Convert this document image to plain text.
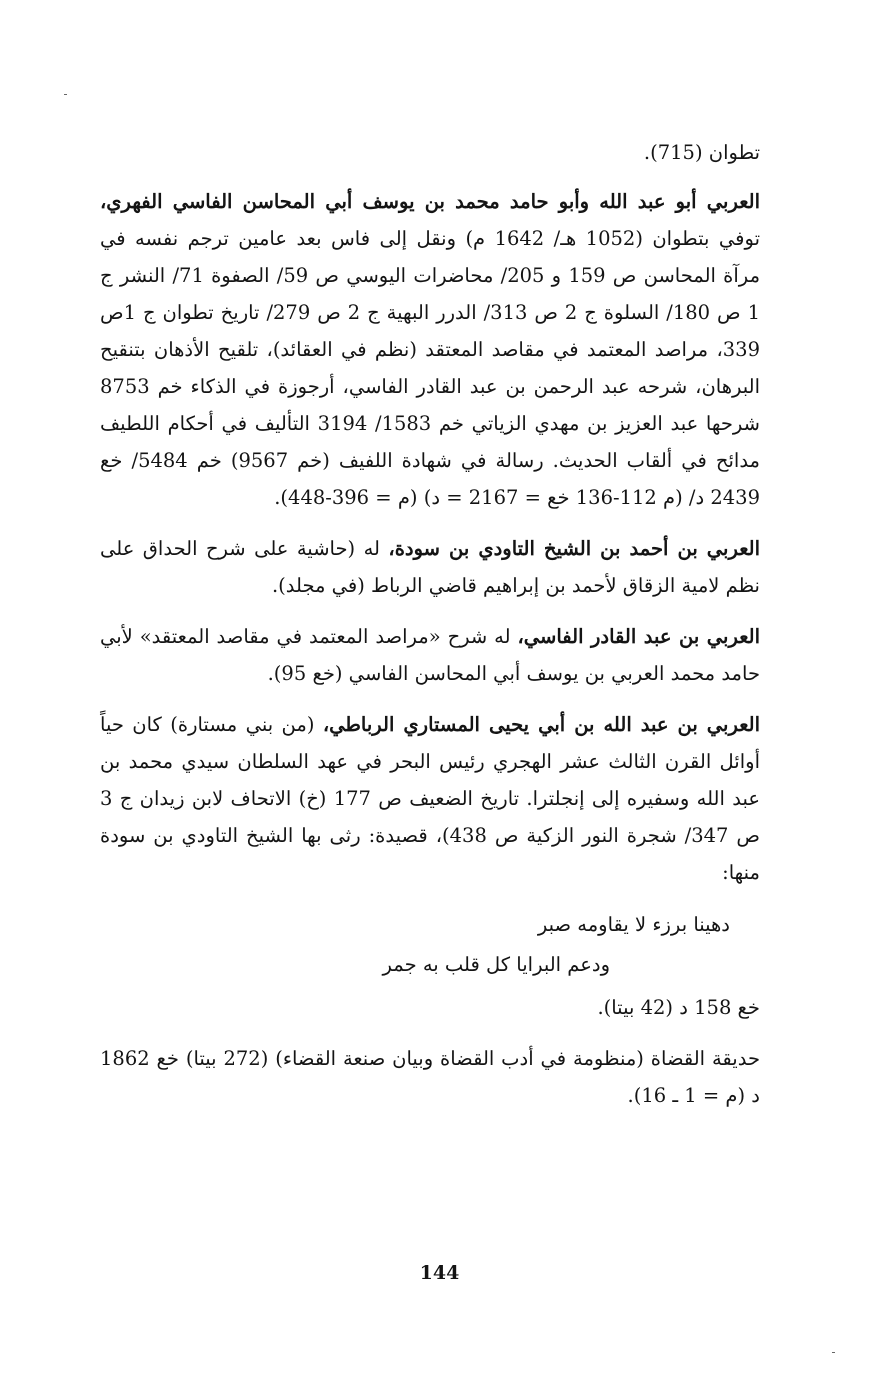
تطوان (715).

العربي أبو عبد الله وأبو حامد محمد بن يوسف أبي المحاسن الفاسي الفهري، توفي بتطوان (1052 هـ/ 1642 م) ونقل إلى فاس بعد عامين ترجم نفسه في مرآة المحاسن ص 159 و 205/ محاضرات اليوسي ص 59/ الصفوة 71/ النشر ج 1 ص 180/ السلوة ج 2 ص 313/ الدرر البهية ج 2 ص 279/ تاريخ تطوان ج 1ص 339، مراصد المعتمد في مقاصد المعتقد (نظم في العقائد)، تلقيح الأذهان بتنقيح البرهان، شرحه عبد الرحمن بن عبد القادر الفاسي، أرجوزة في الذكاء خم 8753 شرحها عبد العزيز بن مهدي الزياتي خم 1583/ 3194 التأليف في أحكام اللطيف مدائح في ألقاب الحديث. رسالة في شهادة اللفيف (خم 9567) خم 5484/ خع 2439 د/ (م 112-136 خع = 2167 = د) (م = 396-448).

العربي بن أحمد بن الشيخ التاودي بن سودة، له (حاشية على شرح الحداق على نظم لامية الزقاق لأحمد بن إبراهيم قاضي الرباط (في مجلد).

العربي بن عبد القادر الفاسي، له شرح «مراصد المعتمد في مقاصد المعتقد» لأبي حامد محمد العربي بن يوسف أبي المحاسن الفاسي (خع 95).

العربي بن عبد الله بن أبي يحيى المستاري الرباطي، (من بني مستارة) كان حياً أوائل القرن الثالث عشر الهجري رئيس البحر في عهد السلطان سيدي محمد بن عبد الله وسفيره إلى إنجلترا. تاريخ الضعيف ص 177 (خ) الاتحاف لابن زيدان ج 3 ص 347/ شجرة النور الزكية ص 438)، قصيدة: رثى بها الشيخ التاودي بن سودة منها:

دهينا برزء لا يقاومه صبر

ودعم البرايا كل قلب به جمر

خع 158 د (42 بيتا).

حديقة القضاة (منظومة في أدب القضاة وبيان صنعة القضاء) (272 بيتا) خع 1862 د (م = 1 ـ 16).

144
